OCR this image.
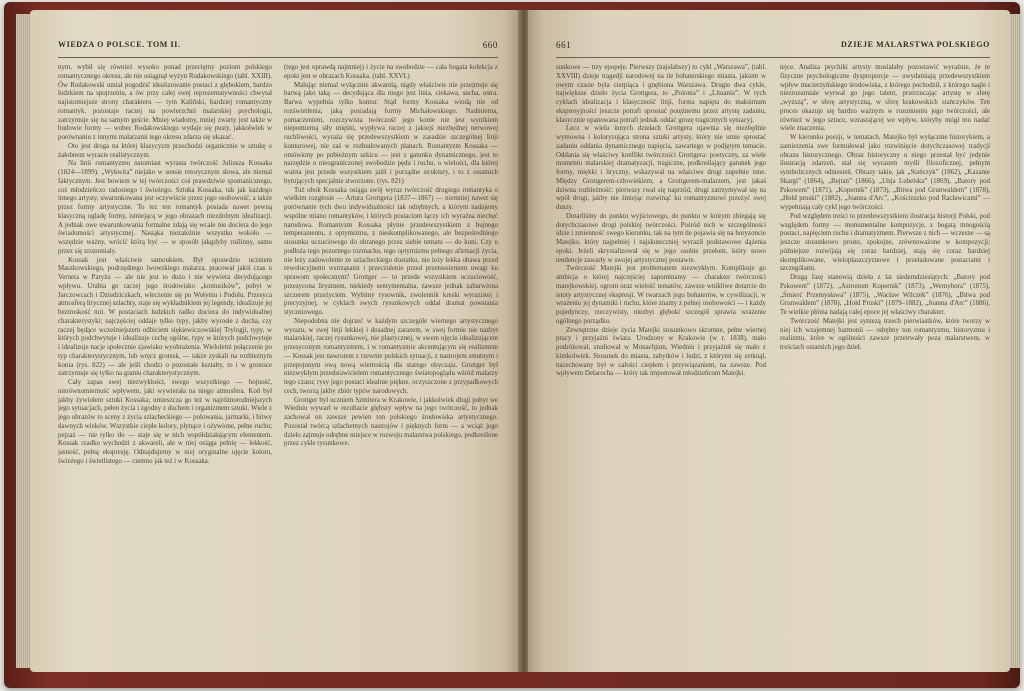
WIEDZA O POLSCE. TOM II.	660

nym, wybił się również wysoko ponad przeciętny poziom polskiego romantycznego okresu, ale nie osiągnął wyżyn Rodakowskiego (tabl. XXIII). Ów Rodakowski umiał pogodzić idealizowanie postaci z głębokiem, bardzo ludzkiem na spojrzeniu, a ów przy całej swej reprezentatywności chwytał najistotniejsze strony charakteru — tym Kaliński, bardziej romantyczny romantyk, pozostaje raczej na powierzchni malarskiej psychologii, zatrzymuje się na samym geście. Mniej wiadomy, mniej zwarty jest także w budowie formy — wobec Rodakowskiego wydaje się pusty, jakkolwiek w porównaniu z innymi malarzami tego okresu zdarza się ukazać.

Oto jest droga na której klasycyzm przechodzi organicznie w sztukę o żałobnem wyrazie realistycznym.

Na linii romantyzmu natomiast wyrasta twórczość Juliusza Kossaka (1824—1899). „Wykwita” niejako w sensie retorycznym słowa, ale niemal faktycznym. Jest bowiem w tej twórczości coś prawdziwie spontanicznego, coś młodzieńczo radosnego i świeżego. Sztuka Kossaka, tak jak każdego innego artysty, uwarunkowana jest oczywiście przez jego osobowość, a także przez formy artystyczne. To tez ten romantyk posiada nawet pewną klasyczną ogładę formy, istniejącą w jego obrazach niezdolnym idealizacji. A jednak owe uwarunkowania formalne zdają się wcale nie dociera do jego świadomości artystycznej. Nasiąka niezależnie wszystko wokoło — wszędzie ważny, wrócić którą być — w sposób jakgdyby roślinny, samo przez się zrozumiały.

Kossak jest właściwie samoukiem. Był oprawdzie uczniem Maszkowskiego, podrzędnego lwowskiego malarza, pracował jakiś czas u Verneta w Paryżu — ale nie jest to dużo i nie wywiera decydującego wpływu. Urabia go raczej jego środowisko „kontusików”, pobyt w Jarczowcach i Dziedziczkach, wleczenie się po Wołyniu i Podolu. Przesyca atmosferą lirycznej szlachty, staje się wykładnikiem jej legendy, idealizuje jej beztroskość mit. W postaciach ludzkich radko dociera do indywidualnej charakterystyki; najczęściej oddaje tylko typy, jakby wyrosłe z ducha, czy raczej będące wcześniejszem odbiciem siękiewiczowskiej Trylogji, typy, w których podchwytuje i idealizuje cechę ogólne, typy w których podchwytuje i idealizuje nacje społecznie zjawisko wyobrażenia. Wieloletni połączenie po typ charakterystycznym, lub wręcz grotesk, — także zyskali na rozbieżnym konia (rys. 822) — ale jeśli chodzi o pozostałe kształty, to i w grotesce zatrzymuje się tylko na graniu charakterystycznym.

Cały zapas swej niezwykłości, swego wszystkiego — hojność, nierównomierność wpływem, jaki wywierała na niego atmosfera. Koń był jakby żywiołem sztuki Kossaka; umieszcza go też w najróżnorodniejszych jego sytuacjach, pełen życia i zgodny z duchem i organizmem sztuki. Wiele z jego obrazów to sceny z życia szlacheckiego — polowania, jarmarki, i bitwy dawnych wieków. Wszystkie ciepłe kolory, płynące i ożywione, pełne ruchu; pejzaż — nie tylko tło — staje się w nich współdziałającym elementem. Kossak rzadko wychodzi z akwareli, ale w niej osiąga pełnię — lekkość, jasność, pełną ekspresję. Odnajdujemy w niej oryginalne ujęcie koloru, świeżego i świetlistego — ciemno jak też i w Kossaka.

(tego jest oprawdą najmniej) i życie na swobodzie — cała bogata kolekcja z epoki jest w obrazach Kossaka. (tabl. XXVI.)

Malując niemal wyłącznie akwarelą, nigdy właściwie nie przejmuje się barwą jako taką — decydująca dla niego jest linia, ciekawa, sucha, ostra. Barwa wypełnia tylko kontur. Stąd formy Kossaka wiodą nie od rozświetlenia, jaką posiadają formy Michałowskiego. Nadmierna, pomaczeniem, rozczywista twórczość jego konie nie jest wynikiem niepomierną siły mięśni, wypływa raczej z jakiejś niezbędnej nerwowej ruchliwości, wyraża się przedewszystkiem w zasadzie szczególnej linji konturowej, nie zaś w rozbudowanych planach. Romantyzm Kossaka — omówiony po pobieżnym szkicu — jest z gatunku dynamicznego, jest to narzędzie o nieograniczonej swobodzie pędu i ruchu, o wielości, dla której ważna jest przede wszystkiem jaźń i porządne struktury, i to z ostatnich bytujących specjalnie stworzone. (rys. 821)

Tuż obok Kossaka osiąga swój wyraz twórczość drugiego romantyka o wielkim rozgłosie — Artura Grottgera (1837—1867) — niemniej nawet się porównanie tych dwu indywidualności tak odrębnych, a którym nadajemy wspólne miano romantyków, i których postaciom łączy ich wyraźna niechęć narodowa. Romantyzm Kossaka płynie przedewszystkiem z bujnego temperamentu, z optymizmu, z nieskomplikowanego, ale bezpośredniego stosunku uczuciowego do obranego przez siebie tematu — do koni. Czy u podłoża tego pozornego rozmachu, tego optymizmu pełnego afirmacji życia, nie leży zadowolenie ze szlacheckiego dostatku, nie leży lekka obawa przed rewolucyjnemi wstrząsami i przeczulenie przed przeniesieniem uwagi ku sprawom społecznym? Grottger — to przede wszystkiem uczuciowość, przesycona liryzmem, niekiedy sentymentalna, zawsze jednak zabarwiona szczerem przeżyciem. Wybitny rysownik, zwolennik kreski wyrazistej i precyzyjnej, w cyklach swych rysunkowych oddał dramat powstania styczniowego.

Niepodobna nie dojrzeć w każdym szczególe wiernego artystycznego wyrazu, w swej linji lekkiej i dosadnej zarazem, w swej formie nie nazbyt malarskiej, raczej rysunkowej, nie plastycznej, w swem ujęciu idealizującem przesyconym romantyzmem, i w romantyzmie akcentującym się realizmem — Kossak jest nawrotem z rzewnie polskich sytuacji, z nastrojem smutnym i przepojonym ową nową wiernością dla starego obyczaju. Grottger był niezwykłym przedstawicielem romantycznego światopoglądu wśród malarzy tego czasu; rysy jego postaci idealnie piękne, oczyszczone z przypadkowych cech, tworzą jakby zbiór typów narodowych.

Grottger był uczniem Szmitera w Krakowie, i jakkolwiek długi pobyt we Wiedniu wywarł w rezultacie głębszy wpływ na jego twórczość, to jednak zachował on zawsze pewien ton polskiego środowiska artystycznego. Pozostał twórcą szlachetnych nastrojów i pięknych form — a wciąż jego dzieło zajmuje odrębne miejsce w rozwoju malarstwa polskiego, podkreślone przez cykle rysunkowe.

661	DZIEJE MALARSTWA POLSKIEGO

sunkowe — trzy epopeje. Pierwszy (najsłabszy) to cykl „Warszawa”, (tabl. XXVIII) dzieje tragedji narodowej na tle bohaterskiego miasta, jakiem w owym czasie była cierpiąca i gnębiona Warszawa. Drugie dwa cykle, największe dzieło życia Grottgera, to „Polonia” i „Lituania”. W tych cyklach idealizacja i klasyczność linji, forma napięta do maksimum ekspresyjności jeszcze potrafi sprostać potężnemu przez artystę zadaniu, klasycznie opanowana potrafi jednak oddać grozę tragicznych sytuacyj.

Lecz w wielu innych dziełach Grottgera ujawnia się niezbędnie wymowna i koloryzująca strona sztuki artysty, który nie umie sprostać zadaniu oddania dynamicznego napięcia, zawartego w podjętym temacie. Oddania się właściwy konflikt twórczości Grottgera: poetyczny, za wiele momentu malarskiej dramatyzacji, tragiczne, podkreślający gatunek jego formy, miękki i liryczny, wskazywał na właściwe drogi zupełnie inne. Między Grottgerem-człowiekiem, a Grottgerem-malarzem, jest jakaś dziwna rozbieżność: pierwszy rwał się naprzód, drugi zatrzymywał się na wpół drogi, jakby nie śmiejąc rozwinąć ku romantyzmowi przeżyć swej duszy.

Dotarliśmy do punktu wyjściowego, do punktu w którym zbiegają się dotychczasowe drogi polskiej twórczości. Pośród nich w szczególności idzie i zmienność swego kierunku, tak na tym tle pojawia się na horyzoncie Matejko, który najpełniej i najskuteczniej wyraził podstawowe dążenia epoki. Jeżeli skrystalizował się w jego osobie przełom, który nowe tendencje zawarły w swojej artystycznej postawie.

Twórczość Matejki jest problematem niezwykłym. Komplikuje go ambicja o której najczęściej zapominamy — charakter twórczości matejkowskiej, ogrom oraz wielość tematów, zawsze wnikliwe dotarcie do istoty artystycznej ekspresji. W twarzach jego bohaterów, w cywilizacji, w wrażeniu jej dynamiki i ruchu, które znamy z pełnej osobowości — i każdy pojedynczy, rzeczywisty, niezbyt głęboki szczegół sprawia wrażenie ogólnego porządku.

Zewnętrzne dzieje życia Matejki stosunkowo skromne, pełne wiernej pracy i przyjaźni świata. Urodzony w Krakowie (w r. 1838), mało podróżował, studiował w Monachjum, Wiedniu i przyjaźnił się mało z kimkolwiek. Stosunek do miasta, zabytków i ludzi, z którymi się zetknął, nacechowany był w całości ciepłem i przywiązaniem, na zawsze. Pod wpływem Delarocha — który tak imponował młodzieńcom Matejki.

tejce. Analiza psychiki artysty musiałaby pozostawić wyraźnie, że te fizyczne psychologiczne dysproporcje — uwydatniają przedewszystkiem wpływ macierzyńskiego środowiska, z którego pochodził, z którego nagle i niezrozumiale wyrwał go jego talent, przerzucając artystę w sferę „wyższą”, w sferę artystyczną, w sferę krakowskich stańczyków. Ten proces okazuje się bardzo ważnym w rozumieniu jego twórczości, ale również w jego sztuce, wzrastającej we wpływ, któryby mógł mu nadać wiele znaczenia.

W kierunku poezji, w tematach, Matejko był wyłącznie historykiem, a zamierzenia swe formułował jako rozwinięcie dotychczasowej tradycji obrazu historycznego. Obraz historyczny u niego przestał być jedynie ilustracją zdarzeń, stał się wyrazem myśli filozoficznej, pełnym symbolicznych odniesień. Obrazy takie, jak „Stańczyk” (1862), „Kazanie Skargi” (1864), „Rejtan” (1866), „Unja Lubelska” (1869), „Batory pod Pskowem” (1871), „Kopernik” (1873), „Bitwa pod Grunwaldem” (1878), „Hołd pruski” (1882), „Joanna d'Arc”, „Kościuszko pod Racławicami” — wypełniają cały cykl jego twórczości.

Pod względem treści to przedewszystkiem ilustracja historji Polski, pod względem formy — monumentalne kompozycje, z bogatą mnogością postaci, napięciem ruchu i dramatyzmem. Pierwsze z nich — wczesne — są jeszcze stosunkowo proste, spokojne, zrównoważone w kompozycji; późniejsze rozwijają się coraz bardziej, stają się coraz bardziej skomplikowane, wielopłaszczyznowe i przeładowane postaciami i szczegółami.

Drugą fazę stanowią dzieła z lat siedemdziesiątych: „Batory pod Pskowem” (1872), „Astronom Kopernik” (1873), „Wernyhora” (1875), „Śmierć Przemysława” (1875), „Wacław Wilczek” (1876), „Bitwa pod Grunwaldem” (1878), „Hołd Pruski” (1879–1882), „Joanna d'Arc” (1886). Te wielkie płótna nadają całej epoce jej właściwy charakter.

Twórczość Matejki jest syntezą trzech pierwiastków, które tworzy w niej ich wzajemnej harmonii — odrębny ton romantyzmu, historyzmu i realizmu, które w ogólności zawsze przetrwały poza malarstwem, w treściach ostatnich jego dzieł.
